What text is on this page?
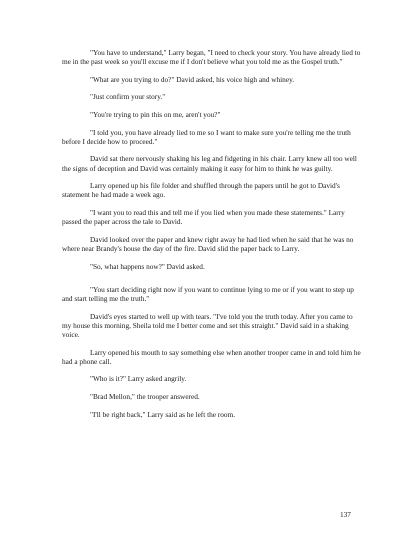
"You have to understand," Larry began, "I need to check your story. You have already lied to me in the past week so you'll excuse me if I don't believe what you told me as the Gospel truth."

"What are you trying to do?" David asked, his voice high and whiney.

"Just confirm your story."

"You're trying to pin this on me, aren't you?"

"I told you, you have already lied to me so I want to make sure you're telling me the truth before I decide how to proceed."

David sat there nervously shaking his leg and fidgeting in his chair. Larry knew all too well the signs of deception and David was certainly making it easy for him to think he was guilty.

Larry opened up his file folder and shuffled through the papers until he got to David's statement he had made a week ago.

"I want you to read this and tell me if you lied when you made these statements." Larry passed the paper across the tale to David.

David looked over the paper and knew right away he had lied when he said that he was no where near Brandy's house the day of the fire. David slid the paper back to Larry.

"So, what happens now?" David asked.

"You start deciding right now if you want to continue lying to me or if you want to step up and start telling me the truth."

David's eyes started to well up with tears. "I've told you the truth today. After you came to my house this morning, Sheila told me I better come and set this straight." David said in a shaking voice.

Larry opened his mouth to say something else when another trooper came in and told him he had a phone call.

"Who is it?" Larry asked angrily.

"Brad Mellon," the trooper answered.

"I'll be right back," Larry said as he left the room.

137
